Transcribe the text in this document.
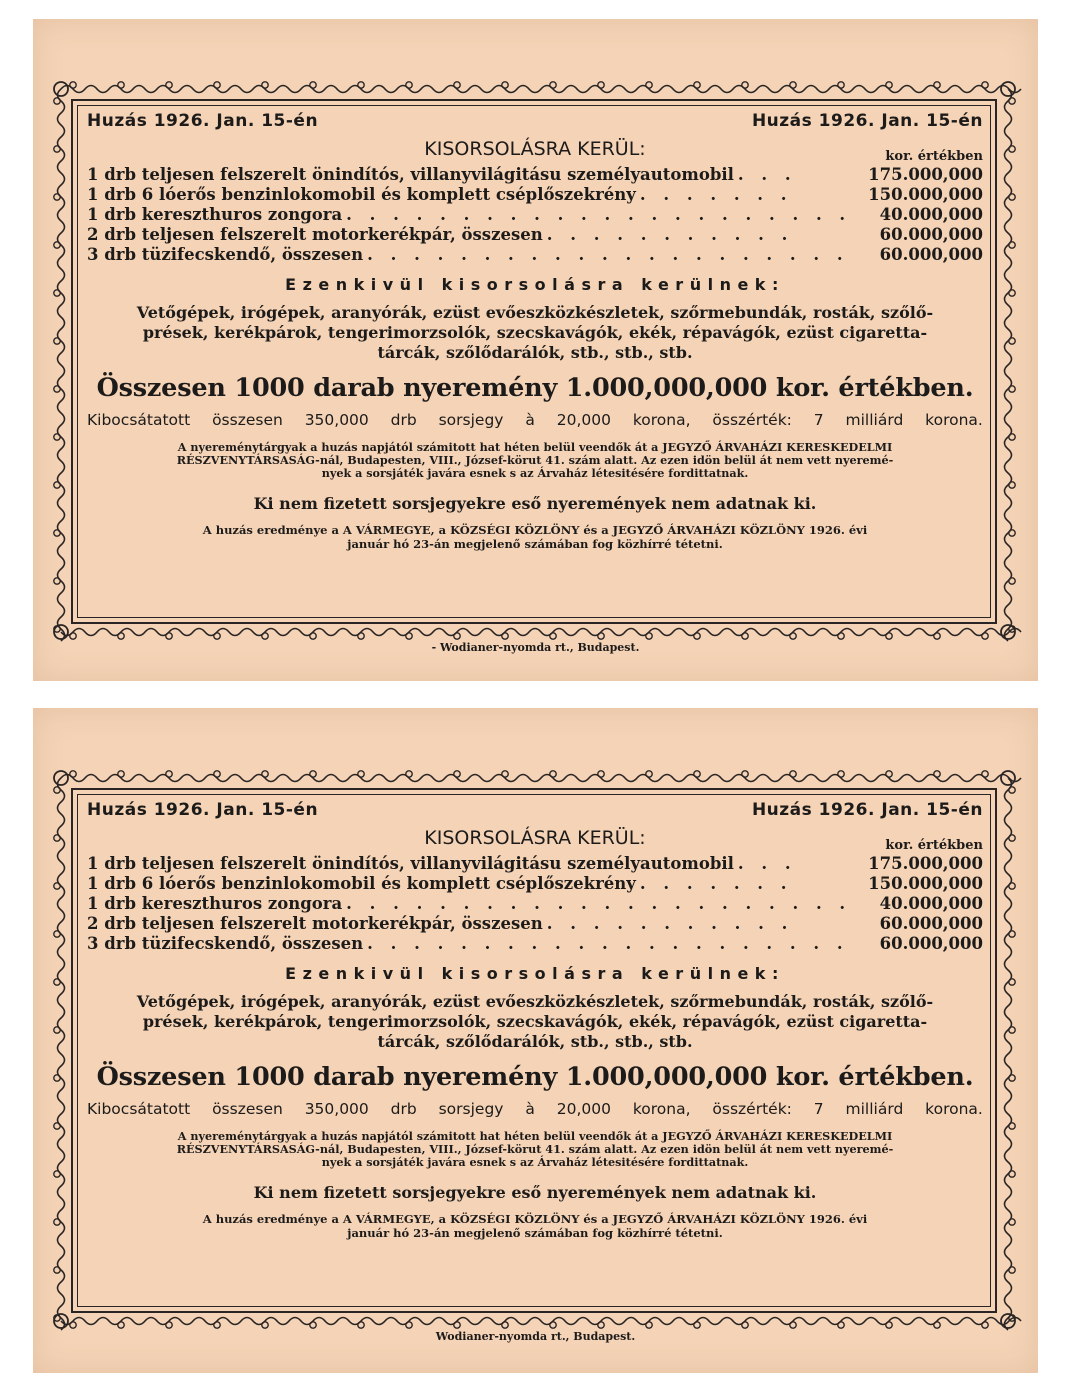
Huzás 1926. Jan. 15-én	Huzás 1926. Jan. 15-én
KISORSOLÁSRA KERÜL:	kor. értékben
1 drb teljesen felszerelt önindítós, villanyvilágitásu személyautomobil . . .	175.000,000
1 drb 6 lóerős benzinlokomobil és komplett cséplőszekrény . . . . . . .	150.000,000
1 drb kereszthuros zongora . . . . . . . . . . . . . . . . . . . . . .	40.000,000
2 drb teljesen felszerelt motorkerékpár, összesen . . . . . . . . . . .	60.000,000
3 drb tüzifecskendő, összesen . . . . . . . . . . . . . . . . . . . . .	60.000,000
Ezenkivül kisorsolásra kerülnek:
Vetőgépek, irógépek, aranyórák, ezüst evőeszközkészletek, szőrmebundák, rosták, szőlő-
prések, kerékpárok, tengerimorzsolók, szecskavágók, ekék, répavágók, ezüst cigaretta-
tárcák, szőlődarálók, stb., stb., stb.
Összesen 1000 darab nyeremény 1.000,000,000 kor. értékben.
Kibocsátatott összesen 350,000 drb sorsjegy à 20,000 korona, összérték: 7 milliárd korona.
A nyereménytárgyak a huzás napjától számitott hat héten belül veendők át a JEGYZŐ ÁRVAHÁZI KERESKEDELMI
RÉSZVENYTÁRSASÁG-nál, Budapesten, VIII., József-körut 41. szám alatt. Az ezen idön belül át nem vett nyeremé-
nyek a sorsjáték javára esnek s az Árvaház létesitésére fordittatnak.
Ki nem fizetett sorsjegyekre eső nyeremények nem adatnak ki.
A huzás eredménye a A VÁRMEGYE, a KÖZSÉGI KÖZLÖNY és a JEGYZŐ ÁRVAHÁZI KÖZLÖNY 1926. évi
január hó 23-án megjelenő számában fog közhírré tétetni.
- Wodianer-nyomda rt., Budapest.
Huzás 1926. Jan. 15-én	Huzás 1926. Jan. 15-én
KISORSOLÁSRA KERÜL:	kor. értékben
1 drb teljesen felszerelt önindítós, villanyvilágitásu személyautomobil . . .	175.000,000
1 drb 6 lóerős benzinlokomobil és komplett cséplőszekrény . . . . . . .	150.000,000
1 drb kereszthuros zongora . . . . . . . . . . . . . . . . . . . . . .	40.000,000
2 drb teljesen felszerelt motorkerékpár, összesen . . . . . . . . . . .	60.000,000
3 drb tüzifecskendő, összesen . . . . . . . . . . . . . . . . . . . . .	60.000,000
Ezenkivül kisorsolásra kerülnek:
Vetőgépek, irógépek, aranyórák, ezüst evőeszközkészletek, szőrmebundák, rosták, szőlő-
prések, kerékpárok, tengerimorzsolók, szecskavágók, ekék, répavágók, ezüst cigaretta-
tárcák, szőlődarálók, stb., stb., stb.
Összesen 1000 darab nyeremény 1.000,000,000 kor. értékben.
Kibocsátatott összesen 350,000 drb sorsjegy à 20,000 korona, összérték: 7 milliárd korona.
A nyereménytárgyak a huzás napjától számitott hat héten belül veendők át a JEGYZŐ ÁRVAHÁZI KERESKEDELMI
RÉSZVENYTÁRSASÁG-nál, Budapesten, VIII., József-körut 41. szám alatt. Az ezen idön belül át nem vett nyeremé-
nyek a sorsjáték javára esnek s az Árvaház létesitésére fordittatnak.
Ki nem fizetett sorsjegyekre eső nyeremények nem adatnak ki.
A huzás eredménye a A VÁRMEGYE, a KÖZSÉGI KÖZLÖNY és a JEGYZŐ ÁRVAHÁZI KÖZLÖNY 1926. évi
január hó 23-án megjelenő számában fog közhírré tétetni.
Wodianer-nyomda rt., Budapest.
